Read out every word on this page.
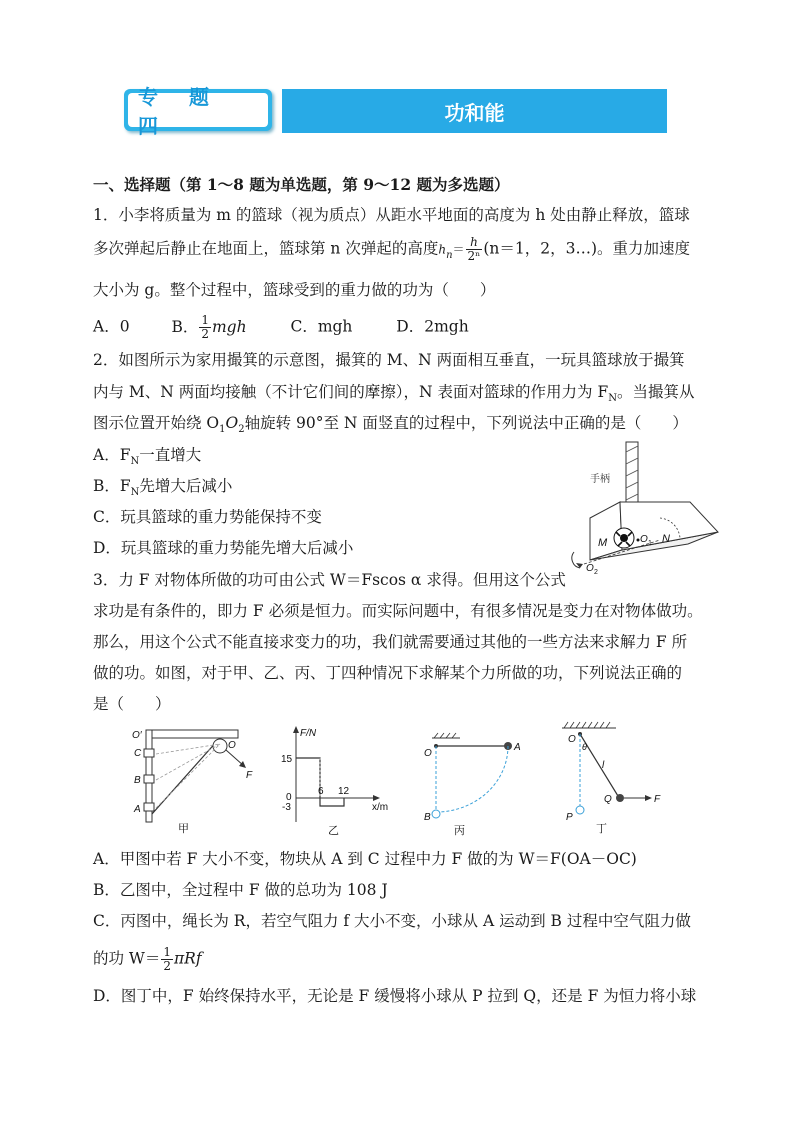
专 题 四
功和能
一、选择题（第 1～8 题为单选题，第 9～12 题为多选题）
1．小李将质量为 m 的篮球（视为质点）从距水平地面的高度为 h 处由静止释放，篮球
多次弹起后静止在地面上，篮球第 n 次弹起的高度$h_n= \frac{h}{\text{2ⁿ}} (n=1$，2，3…)。重力加速度
大小为 g。整个过程中，篮球受到的重力做的功为（　　）
A．0	B． $\frac{1}{2}$ mgh	C．mgh	D．2mgh
2．如图所示为家用撮箕的示意图，撮箕的 M、N 两面相互垂直，一玩具篮球放于撮箕
内与 M、N 两面均接触（不计它们间的摩擦），N 表面对篮球的作用力为 $F_N$。当撮箕从
图示位置开始绕 $O_1O_2$轴旋转 90°至 N 面竖直的过程中，下列说法中正确的是（　　）
A．$F_N$一直增大
B．$F_N$先增大后减小
C．玩具篮球的重力势能保持不变
D．玩具篮球的重力势能先增大后减小
手柄
M	O 1 N
O 2
3．力 F 对物体所做的功可由公式 W＝Fscos α 求得。但用这个公式
求功是有条件的，即力 F 必须是恒力。而实际问题中，有很多情况是变力在对物体做功。
那么，用这个公式不能直接求变力的功，我们就需要通过其他的一些方法来求解力 F 所
做的功。如图，对于甲、乙、丙、丁四种情况下求解某个力所做的功，下列说法正确的
是（　　）
O′
O
C
B
A
F
甲
F/N
x/m
15
0
-3
6 12
乙
O
A
B
丙
O
θ
l
Q	F
P
丁
A．甲图中若 F 大小不变，物块从 A 到 C 过程中力 F 做的为 W＝F(OA－OC)
B．乙图中，全过程中 F 做的总功为 108 J
C．丙图中，绳长为 R，若空气阻力 f 大小不变，小球从 A 运动到 B 过程中空气阻力做
的功 $W= \frac{1}{2}$ πRf
D．图丁中，F 始终保持水平，无论是 F 缓慢将小球从 P 拉到 Q，还是 F 为恒力将小球
